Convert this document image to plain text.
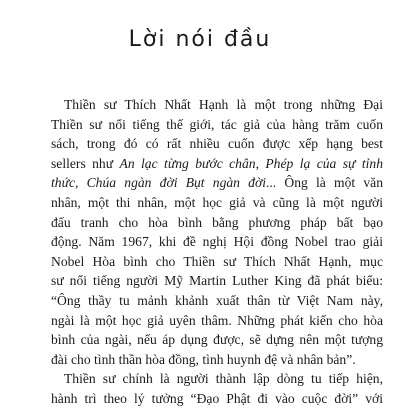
Lời nói đầu
Thiền sư Thích Nhất Hạnh là một trong những Đại
Thiền sư nổi tiếng thế giới, tác giả của hàng trăm cuốn
sách, trong đó có rất nhiều cuốn được xếp hạng best
sellers như An lạc từng bước chân, Phép lạ của sự tỉnh
thức, Chúa ngàn đời Bụt ngàn đời... Ông là một văn
nhân, một thi nhân, một học giả và cũng là một người
đấu tranh cho hòa bình bằng phương pháp bất bạo
động. Năm 1967, khi đề nghị Hội đồng Nobel trao giải
Nobel Hòa bình cho Thiền sư Thích Nhất Hạnh, mục
sư nổi tiếng người Mỹ Martin Luther King đã phát biểu:
“Ông thầy tu mảnh khảnh xuất thân từ Việt Nam này,
ngài là một học giả uyên thâm. Những phát kiến cho hòa
bình của ngài, nếu áp dụng được, sẽ dựng nên một tượng
đài cho tình thần hòa đồng, tình huynh đệ và nhân bản”.
Thiền sư chính là người thành lập dòng tu tiếp hiện,
hành trì theo lý tưởng “Đạo Phật đi vào cuộc đời” với
